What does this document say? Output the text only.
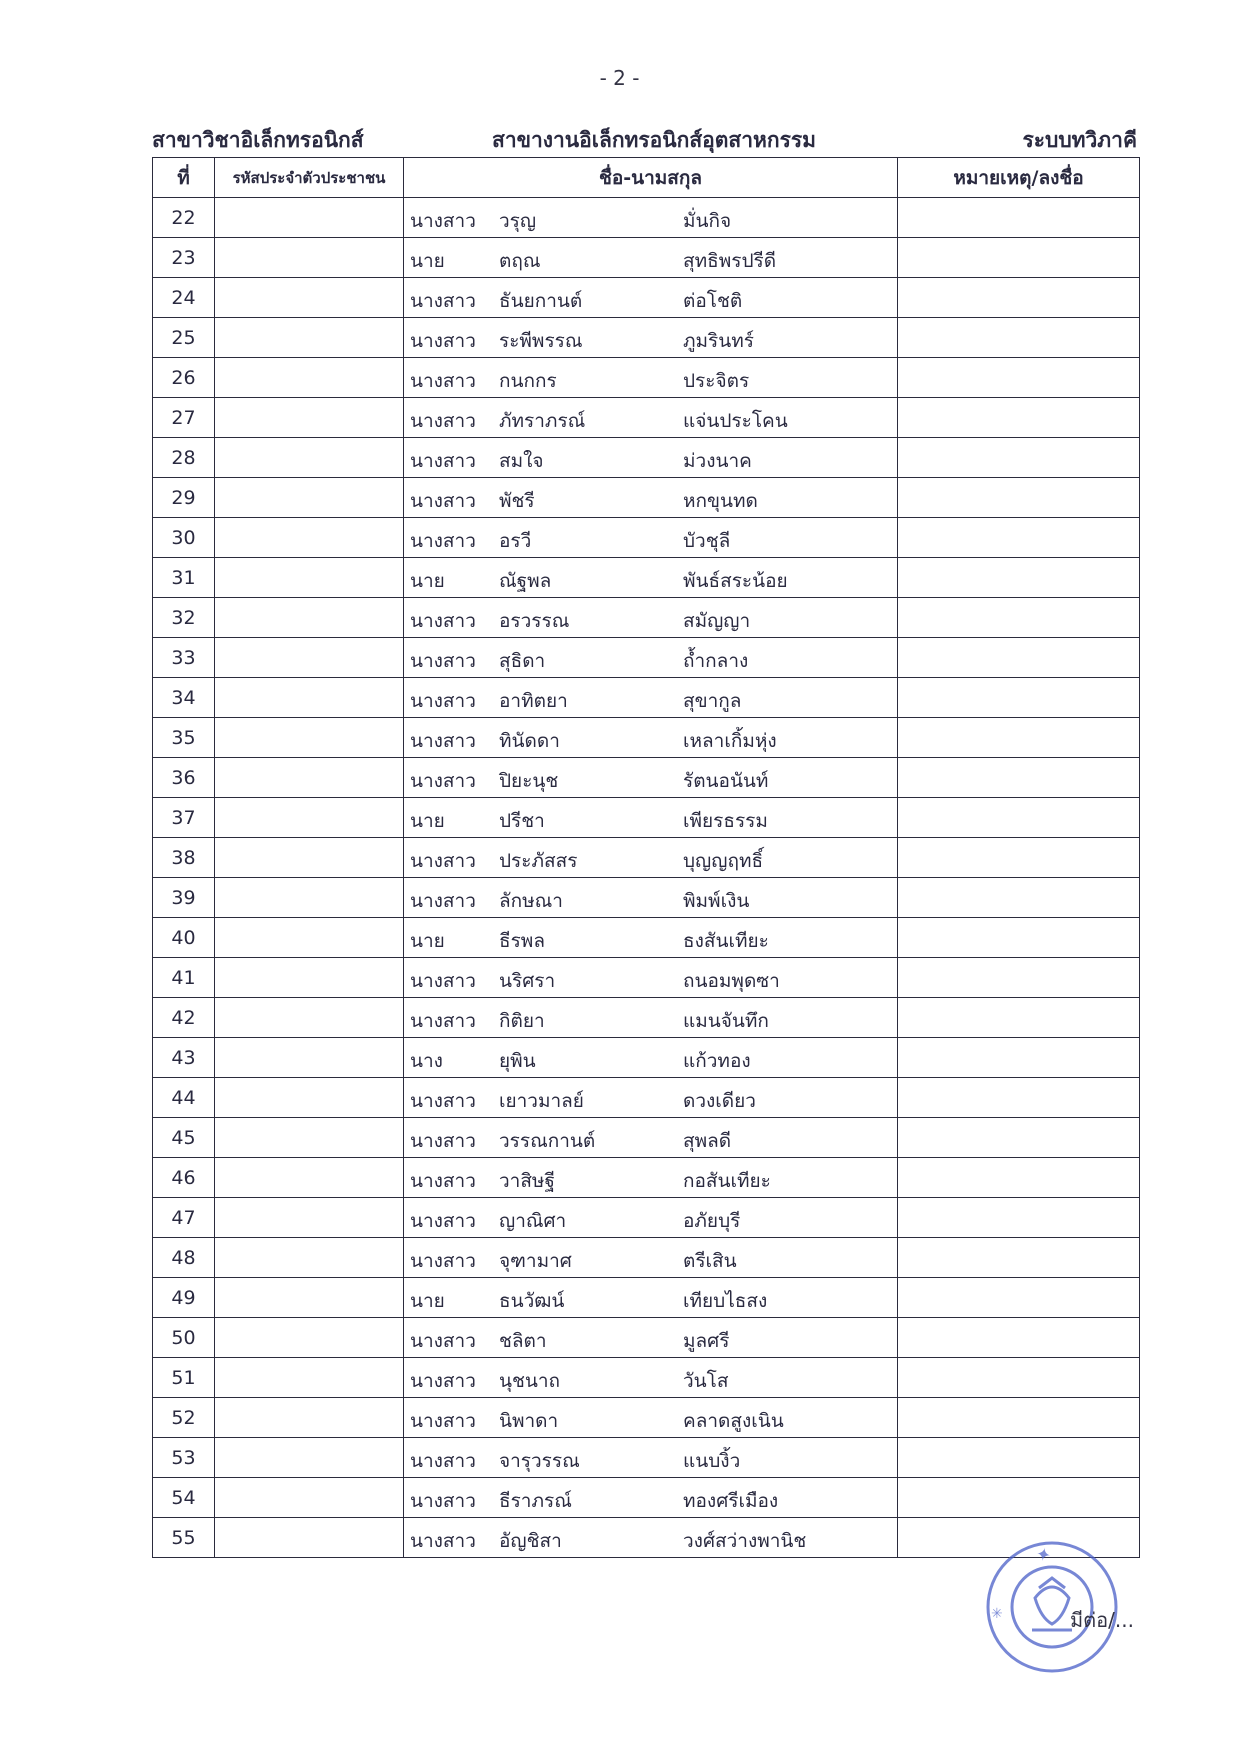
- 2 -
สาขาวิชาอิเล็กทรอนิกส์	สาขางานอิเล็กทรอนิกส์อุตสาหกรรม	ระบบทวิภาคี
ที่	รหัสประจำตัวประชาชน	ชื่อ-นามสกุล	หมายเหตุ/ลงชื่อ
22		นางสาว วรุญ มั่นกิจ	

23		นาย ตฤณ สุทธิพรปรีดี	

24		นางสาว ธันยกานต์ ต่อโชติ	

25		นางสาว ระพีพรรณ ภูมรินทร์	

26		นางสาว กนกกร ประจิตร	

27		นางสาว ภัทราภรณ์ แจ่นประโคน	

28		นางสาว สมใจ ม่วงนาค	

29		นางสาว พัชรี หกขุนทด	

30		นางสาว อรวี บัวชุลี	

31		นาย ณัฐพล พันธ์สระน้อย	

32		นางสาว อรวรรณ สมัญญา	

33		นางสาว สุธิดา ถ้ำกลาง	

34		นางสาว อาทิตยา สุขากูล	

35		นางสาว ทินัดดา เหลาเกิ้มหุ่ง	

36		นางสาว ปิยะนุช รัตนอนันท์	

37		นาย ปรีชา เพียรธรรม	

38		นางสาว ประภัสสร บุญญฤทธิ์	

39		นางสาว ลักษณา พิมพ์เงิน	

40		นาย ธีรพล ธงสันเทียะ	

41		นางสาว นริศรา ถนอมพุดซา	

42		นางสาว กิติยา แมนจันทึก	

43		นาง ยุพิน แก้วทอง	

44		นางสาว เยาวมาลย์ ดวงเดียว	

45		นางสาว วรรณกานต์ สุพลดี	

46		นางสาว วาสิษฐี กอสันเทียะ	

47		นางสาว ญาณิศา อภัยบุรี	

48		นางสาว จุฑามาศ ตรีเสิน	

49		นาย ธนวัฒน์ เทียบไธสง	

50		นางสาว ชลิตา มูลศรี	

51		นางสาว นุชนาถ วันโส	

52		นางสาว นิพาดา คลาดสูงเนิน	

53		นางสาว จารุวรรณ แนบงิ้ว	

54		นางสาว ธีราภรณ์ ทองศรีเมือง	

55		นางสาว อัญชิสา วงศ์สว่างพานิช	

✦
✳	มีต่อ/...
